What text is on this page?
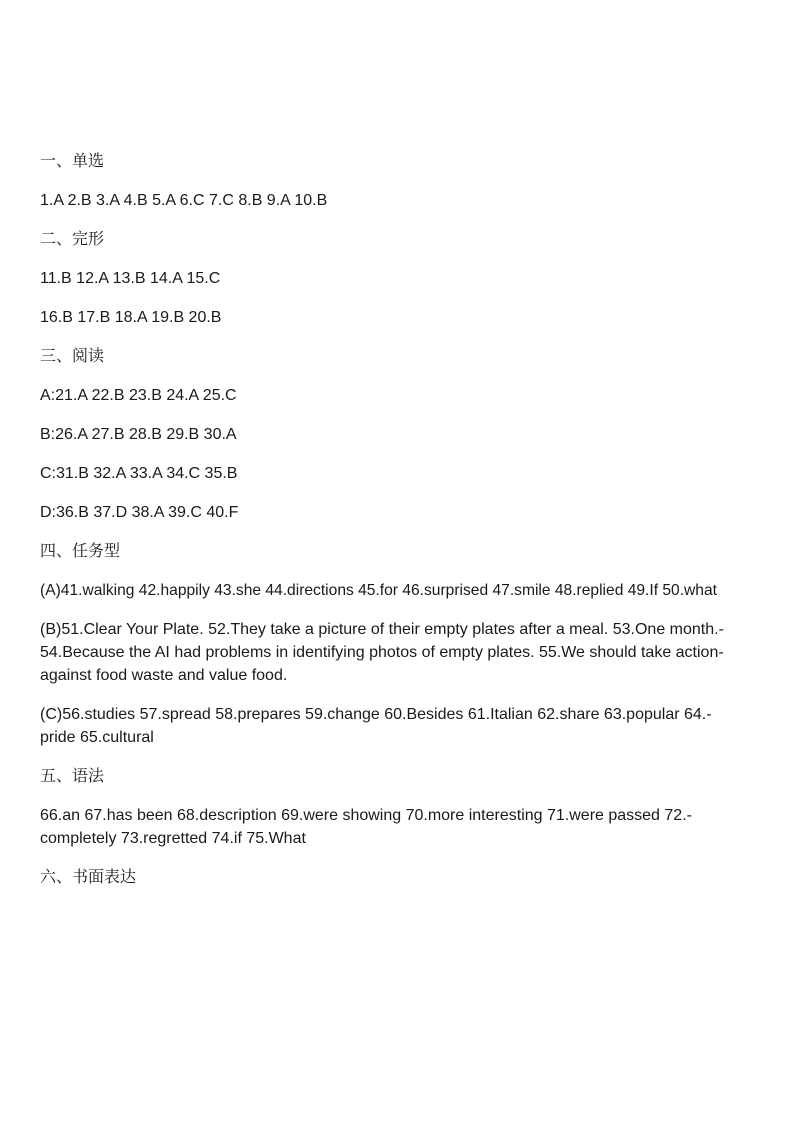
一、单选
1.A 2.B 3.A 4.B 5.A 6.C 7.C 8.B 9.A 10.B
二、完形
11.B 12.A 13.B 14.A 15.C
16.B 17.B 18.A 19.B 20.B
三、阅读
A:21.A 22.B 23.B 24.A 25.C
B:26.A 27.B 28.B 29.B 30.A
C:31.B 32.A 33.A 34.C 35.B
D:36.B 37.D 38.A 39.C 40.F
四、任务型
(A)41.walking 42.happily 43.she 44.directions 45.for 46.surprised 47.smile 48.replied 49.If 50.what
(B)51.Clear Your Plate. 52.They take a picture of their empty plates after a meal. 53.One month.-
54.Because the AI had problems in identifying photos of empty plates. 55.We should take action-
against food waste and value food.
(C)56.studies 57.spread 58.prepares 59.change 60.Besides 61.Italian 62.share 63.popular 64.-
pride 65.cultural
五、语法
66.an 67.has been 68.description 69.were showing 70.more interesting 71.were passed 72.-
completely 73.regretted 74.if 75.What
六、书面表达
